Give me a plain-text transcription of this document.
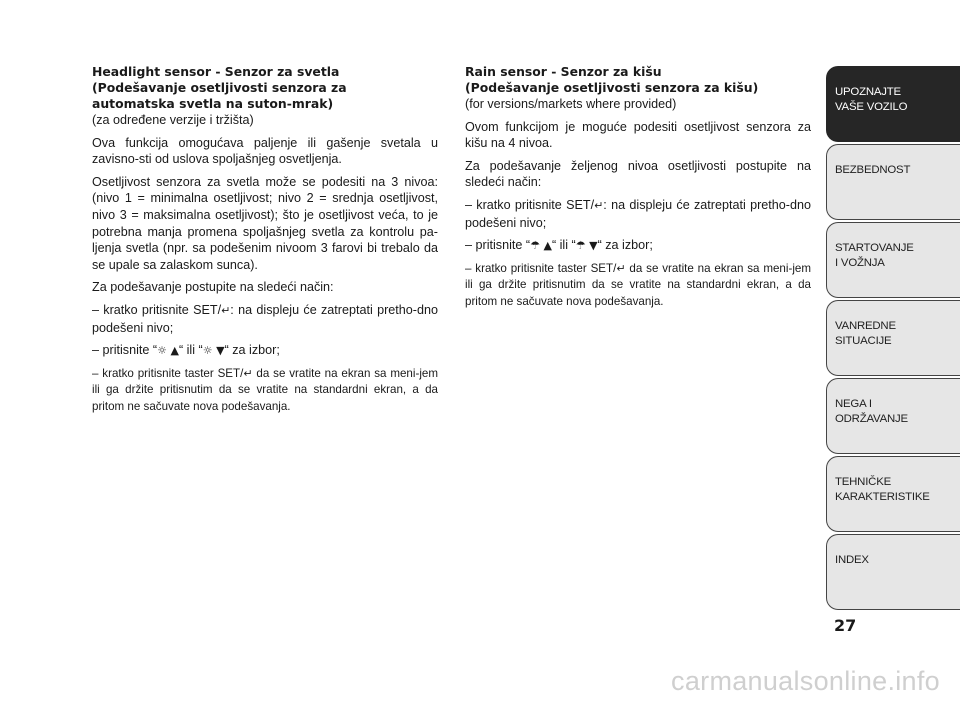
Headlight sensor - Senzor za svetla
(Podešavanje osetljivosti senzora za
automatska svetla na suton-mrak)
(za određene verzije i tržišta)

Ova funkcija omogućava paljenje ili gašenje svetala u zavisno-sti od uslova spoljašnjeg osvetljenja.

Osetljivost senzora za svetla može se podesiti na 3 nivoa: (nivo 1 = minimalna osetljivost; nivo 2 = srednja osetljivost, nivo 3 = maksimalna osetljivost); što je osetljivost veća, to je potrebna manja promena spoljašnjeg svetla za kontrolu pa-ljenja svetla (npr. sa podešenim nivoom 3 farovi bi trebalo da se upale sa zalaskom sunca).

Za podešavanje postupite na sledeći način:

– kratko pritisnite SET/↵: na displeju će zatreptati pretho-dno podešeni nivo;

– pritisnite “☼ ▲“ ili “☼ ▼“ za izbor;

– kratko pritisnite taster SET/↵ da se vratite na ekran sa meni-jem ili ga držite pritisnutim da se vratite na standardni ekran, a da pritom ne sačuvate nova podešavanja.

Rain sensor - Senzor za kišu
(Podešavanje osetljivosti senzora za kišu)
(for versions/markets where provided)

Ovom funkcijom je moguće podesiti osetljivost senzora za kišu na 4 nivoa.

Za podešavanje željenog nivoa osetljivosti postupite na sledeći način:

– kratko pritisnite SET/↵: na displeju će zatreptati pretho-dno podešeni nivo;

– pritisnite “☂ ▲“ ili “☂ ▼“ za izbor;

– kratko pritisnite taster SET/↵ da se vratite na ekran sa meni-jem ili ga držite pritisnutim da se vratite na standardni ekran, a da pritom ne sačuvate nova podešavanja.

UPOZNAJTE
VAŠE VOZILO
BEZBEDNOST

STARTOVANJE
I VOŽNJA
VANREDNE
SITUACIJE
NEGA I
ODRŽAVANJE
TEHNIČKE
KARAKTERISTIKE
INDEX

27
carmanualsonline.info
